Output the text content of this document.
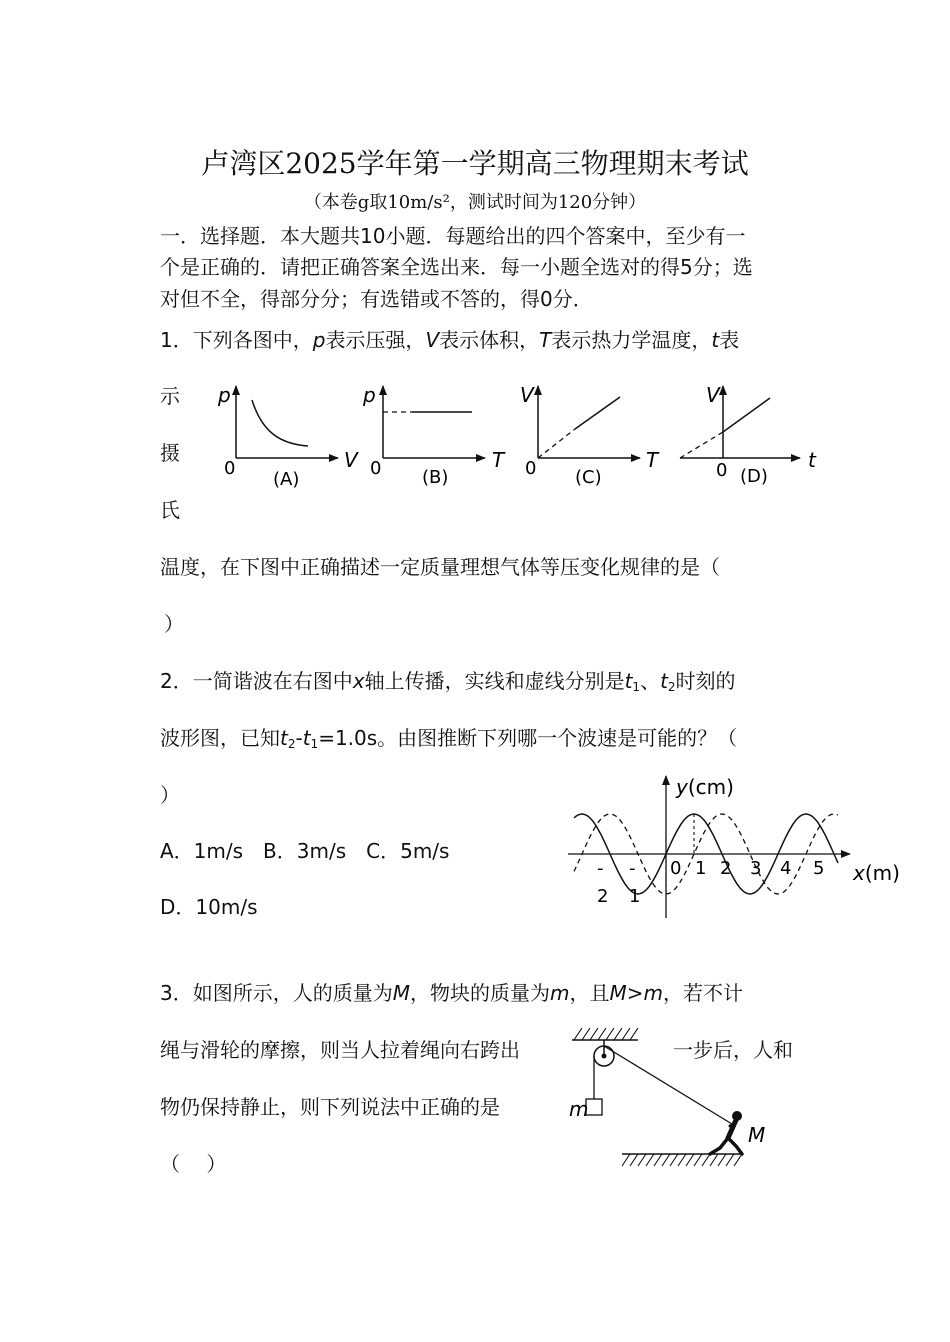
卢湾区2025学年第一学期高三物理期末考试
（本卷g取10m/s²，测试时间为120分钟）
一．选择题．本大题共10小题．每题给出的四个答案中，至少有一
个是正确的．请把正确答案全选出来．每一小题全选对的得5分；选
对但不全，得部分分；有选错或不答的，得0分．
1．下列各图中，p表示压强，V表示体积，T表示热力学温度，t表
示
摄
氏
温度，在下图中正确描述一定质量理想气体等压变化规律的是（
）
p
0	V
(A)
p
0	T
(B)
V
0	T
(C)
V
0	t
(D)
2．一简谐波在右图中x轴上传播，实线和虚线分别是$t_1$、$t_2$时刻的
波形图，已知$t_2-t_1=1.0s$。由图推断下列哪一个波速是可能的？（
）
A．1m/s　B．3m/s　C．5m/s
D．10m/s
y(cm)
x(m)
0 1 2 3 4 5
-
2
-
1
3．如图所示，人的质量为M，物块的质量为m，且M>m，若不计
绳与滑轮的摩擦，则当人拉着绳向右跨出	一步后，人和
物仍保持静止，则下列说法中正确的是
（　 ）
m
M
